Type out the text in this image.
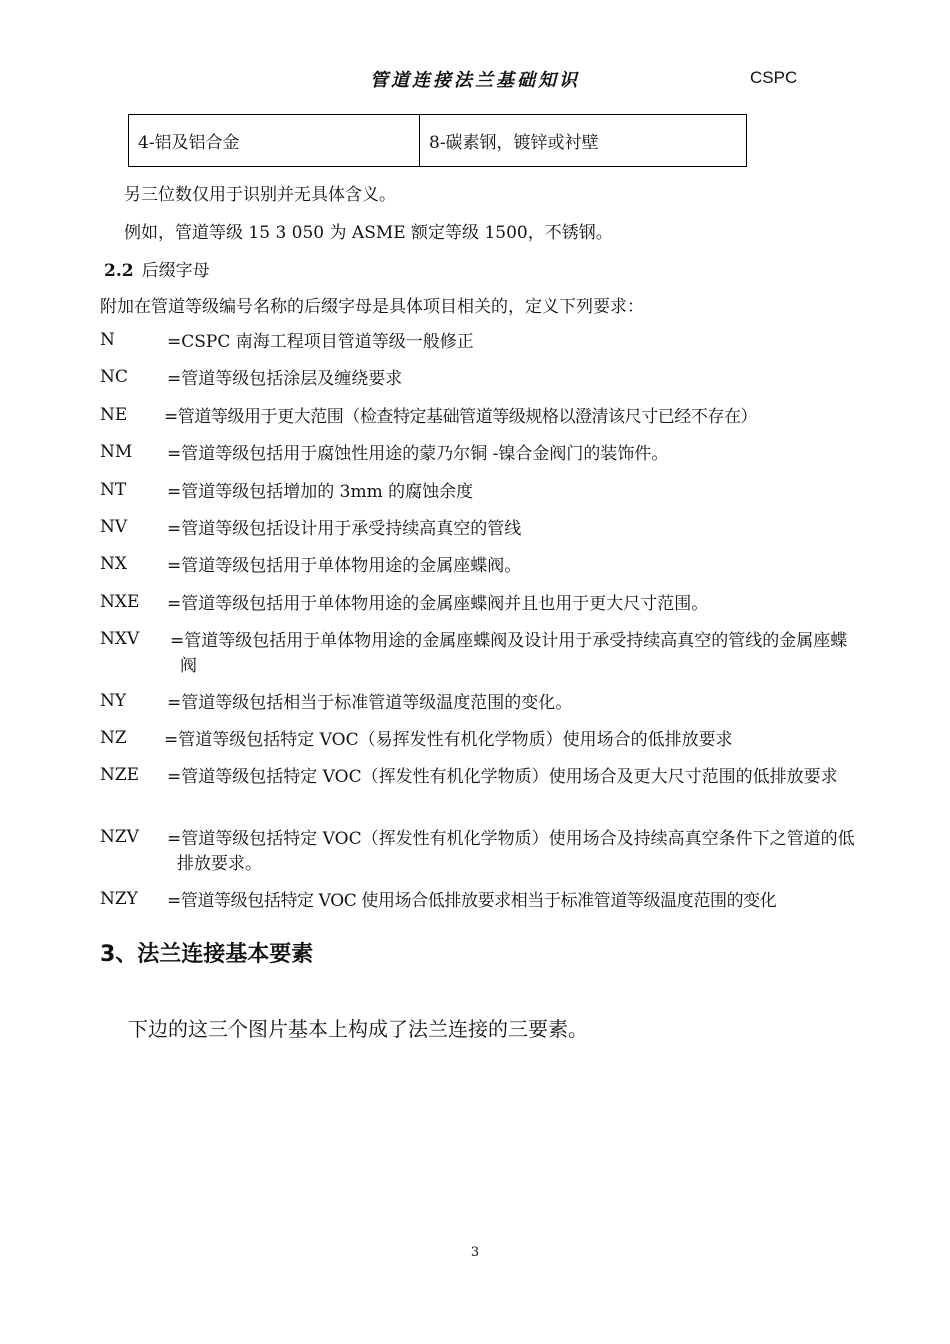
管道连接法兰基础知识	CSPC
4-铝及铝合金	8-碳素钢，镀锌或衬壁
另三位数仅用于识别并无具体含义。
例如，管道等级 15 3 050 为 ASME 额定等级 1500，不锈钢。
2.2 后缀字母
附加在管道等级编号名称的后缀字母是具体项目相关的，定义下列要求：
N	=CSPC 南海工程项目管道等级一般修正
NC =管道等级包括涂层及缠绕要求
NE =管道等级用于更大范围（检查特定基础管道等级规格以澄清该尺寸已经不存在）
NM =管道等级包括用于腐蚀性用途的蒙乃尔铜 -镍合金阀门的装饰件。
NT =管道等级包括增加的 3mm 的腐蚀余度
NV =管道等级包括设计用于承受持续高真空的管线
NX =管道等级包括用于单体物用途的金属座蝶阀。
NXE =管道等级包括用于单体物用途的金属座蝶阀并且也用于更大尺寸范围。
NXV =管道等级包括用于单体物用途的金属座蝶阀及设计用于承受持续高真空的管线的金属座蝶阀
NY =管道等级包括相当于标准管道等级温度范围的变化。
NZ =管道等级包括特定 VOC（易挥发性有机化学物质）使用场合的低排放要求
NZE =管道等级包括特定 VOC（挥发性有机化学物质）使用场合及更大尺寸范围的低排放要求
NZV =管道等级包括特定 VOC（挥发性有机化学物质）使用场合及持续高真空条件下之管道的低排放要求。
NZY =管道等级包括特定 VOC 使用场合低排放要求相当于标准管道等级温度范围的变化
3、法兰连接基本要素
下边的这三个图片基本上构成了法兰连接的三要素。
3
